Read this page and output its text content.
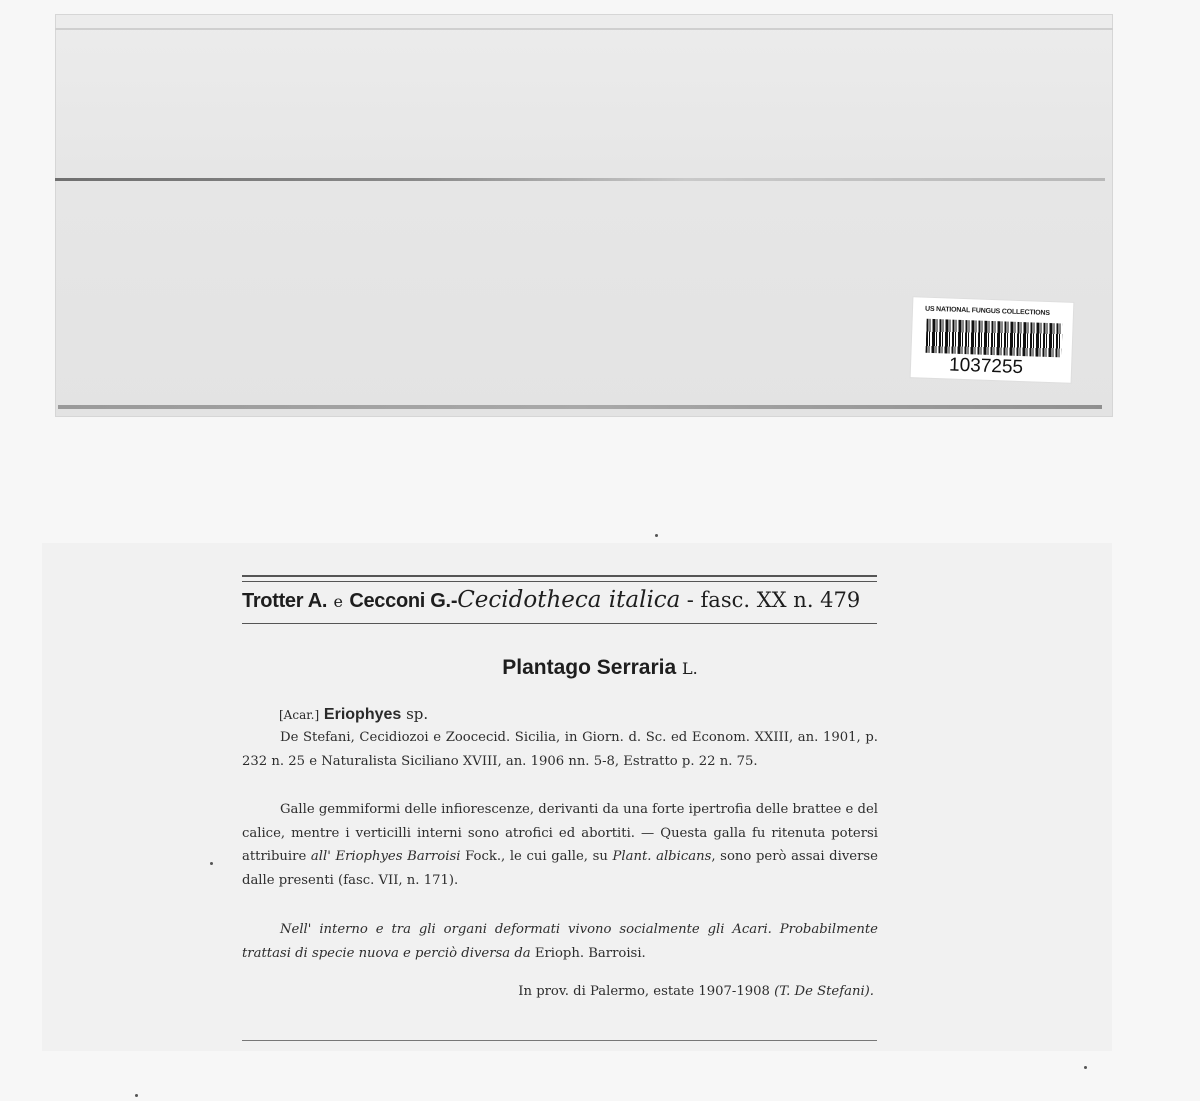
US NATIONAL FUNGUS COLLECTIONS
1037255
Trotter A. e Cecconi G.-Cecidotheca italica - fasc. XX n. 479
Plantago Serraria L.
[Acar.] Eriophyes sp.

De Stefani, Cecidiozoi e Zoocecid. Sicilia, in Giorn. d. Sc. ed Econom. XXIII, an. 1901, p. 232 n. 25 e Naturalista Siciliano XVIII, an. 1906 nn. 5-8, Estratto p. 22 n. 75.

Galle gemmiformi delle infiorescenze, derivanti da una forte ipertrofia delle brattee e del calice, mentre i verticilli interni sono atrofici ed abortiti. — Questa galla fu ritenuta potersi attribuire all' Eriophyes Barroisi Fock., le cui galle, su Plant. albicans, sono però assai diverse dalle presenti (fasc. VII, n. 171).

Nell' interno e tra gli organi deformati vivono socialmente gli Acari. Probabilmente trattasi di specie nuova e perciò diversa da Erioph. Barroisi.

In prov. di Palermo, estate 1907-1908 (T. De Stefani).
